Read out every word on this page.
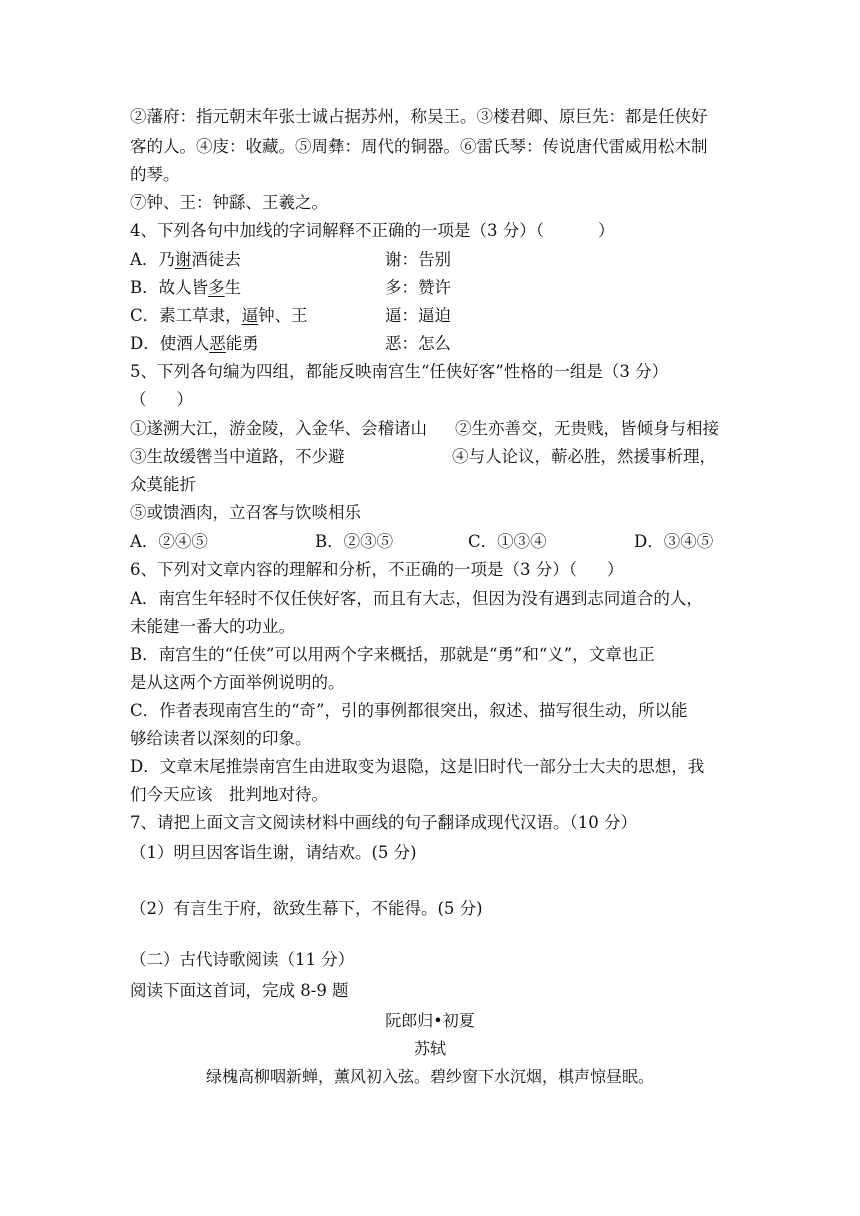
②藩府：指元朝末年张士诚占据苏州，称吴王。③楼君卿、原巨先：都是任侠好
客的人。④庋：收藏。⑤周彝：周代的铜器。⑥雷氏琴：传说唐代雷威用松木制
的琴。
⑦钟、王：钟繇、王羲之。
4、下列各句中加线的字词解释不正确的一项是（3 分）（	）
A．乃谢酒徒去	谢：告别
B．故人皆多生	多：赞许
C．素工草隶，逼钟、王	逼：逼迫
D．使酒人恶能勇	恶：怎么
5、下列各句编为四组，都能反映南宫生“任侠好客”性格的一组是（3 分）
（ ）
①遂溯大江，游金陵，入金华、会稽诸山 ②生亦善交，无贵贱，皆倾身与相接
③生故缓辔当中道路，不少避	④与人论议，蕲必胜，然援事析理，
众莫能折
⑤或馈酒肉，立召客与饮啖相乐
A．②④⑤	B．②③⑤	C．①③④	D．③④⑤
6、下列对文章内容的理解和分析，不正确的一项是（3 分）（ ）
A．南宫生年轻时不仅任侠好客，而且有大志，但因为没有遇到志同道合的人，
未能建一番大的功业。
B．南宫生的“任侠”可以用两个字来概括，那就是“勇”和“义”，文章也正
是从这两个方面举例说明的。
C．作者表现南宫生的“奇”，引的事例都很突出，叙述、描写很生动，所以能
够给读者以深刻的印象。
D．文章末尾推崇南宫生由进取变为退隐，这是旧时代一部分士大夫的思想，我
们今天应该　批判地对待。
7、请把上面文言文阅读材料中画线的句子翻译成现代汉语。（10 分）
（1）明旦因客诣生谢，请结欢。(5 分)
（2）有言生于府，欲致生幕下，不能得。(5 分)
（二）古代诗歌阅读（11 分）
阅读下面这首词，完成 8-9 题
阮郎归•初夏
苏轼
绿槐高柳咽新蝉，薰风初入弦。碧纱窗下水沉烟，棋声惊昼眠。
